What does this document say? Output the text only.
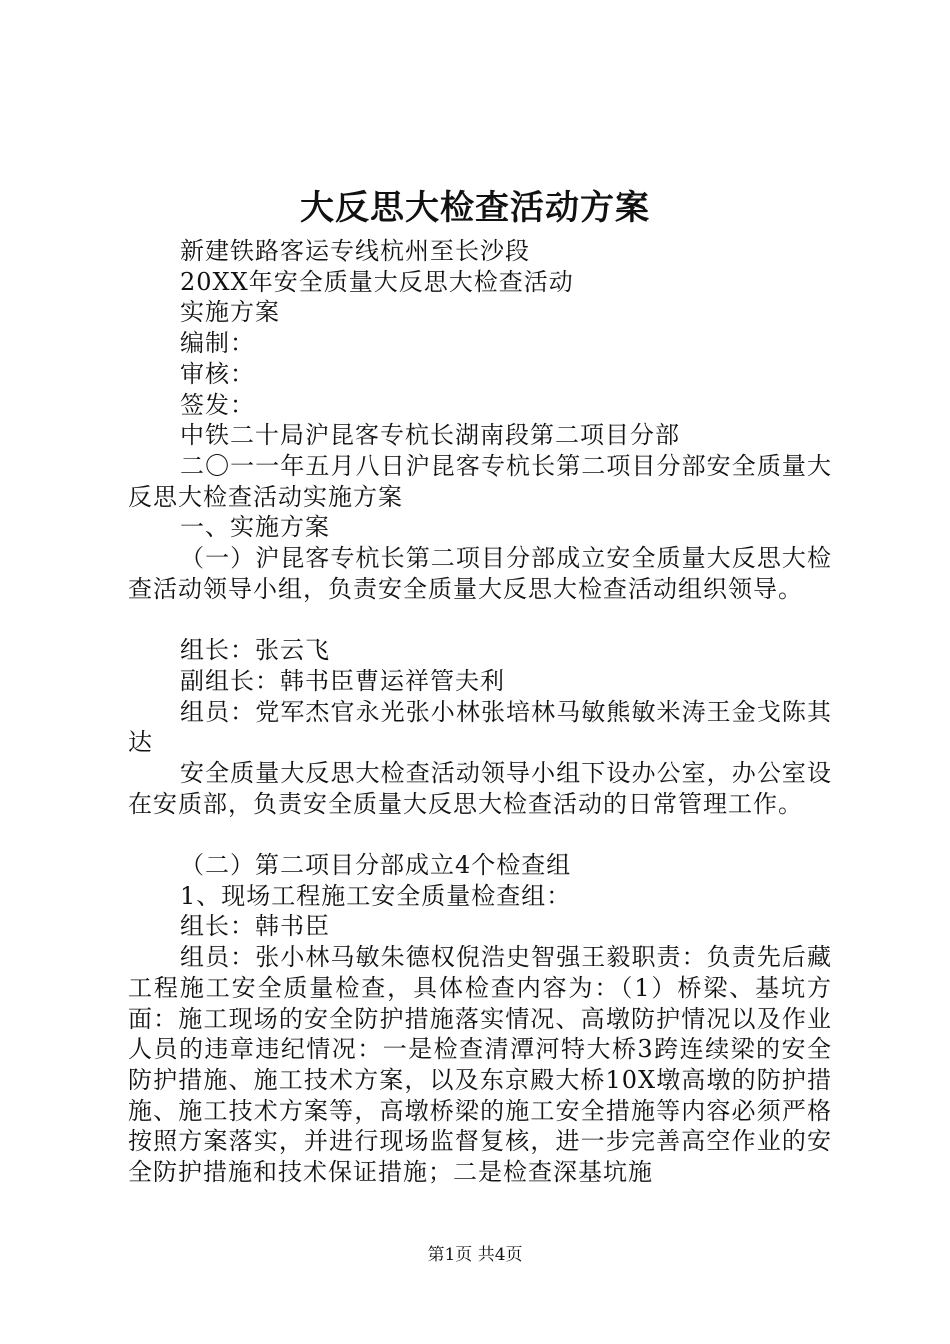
大反思大检查活动方案

新建铁路客运专线杭州至长沙段

20XX年安全质量大反思大检查活动

实施方案

编制：

审核：

签发：

中铁二十局沪昆客专杭长湖南段第二项目分部

二〇一一年五月八日沪昆客专杭长第二项目分部安全质量大反思大检查活动实施方案

一、实施方案

（一）沪昆客专杭长第二项目分部成立安全质量大反思大检查活动领导小组，负责安全质量大反思大检查活动组织领导。

组长：张云飞

副组长：韩书臣曹运祥管夫利

组员：党军杰官永光张小林张培林马敏熊敏米涛王金戈陈其达

安全质量大反思大检查活动领导小组下设办公室，办公室设在安质部，负责安全质量大反思大检查活动的日常管理工作。

（二）第二项目分部成立4个检查组

1、现场工程施工安全质量检查组：

组长：韩书臣

组员：张小林马敏朱德权倪浩史智强王毅职责：负责先后藏工程施工安全质量检查，具体检查内容为：（1）桥梁、基坑方面：施工现场的安全防护措施落实情况、高墩防护情况以及作业人员的违章违纪情况：一是检查清潭河特大桥3跨连续梁的安全防护措施、施工技术方案，以及东京殿大桥10X墩高墩的防护措施、施工技术方案等，高墩桥梁的施工安全措施等内容必须严格按照方案落实，并进行现场监督复核，进一步完善高空作业的安全防护措施和技术保证措施；二是检查深基坑施

第1页 共4页
